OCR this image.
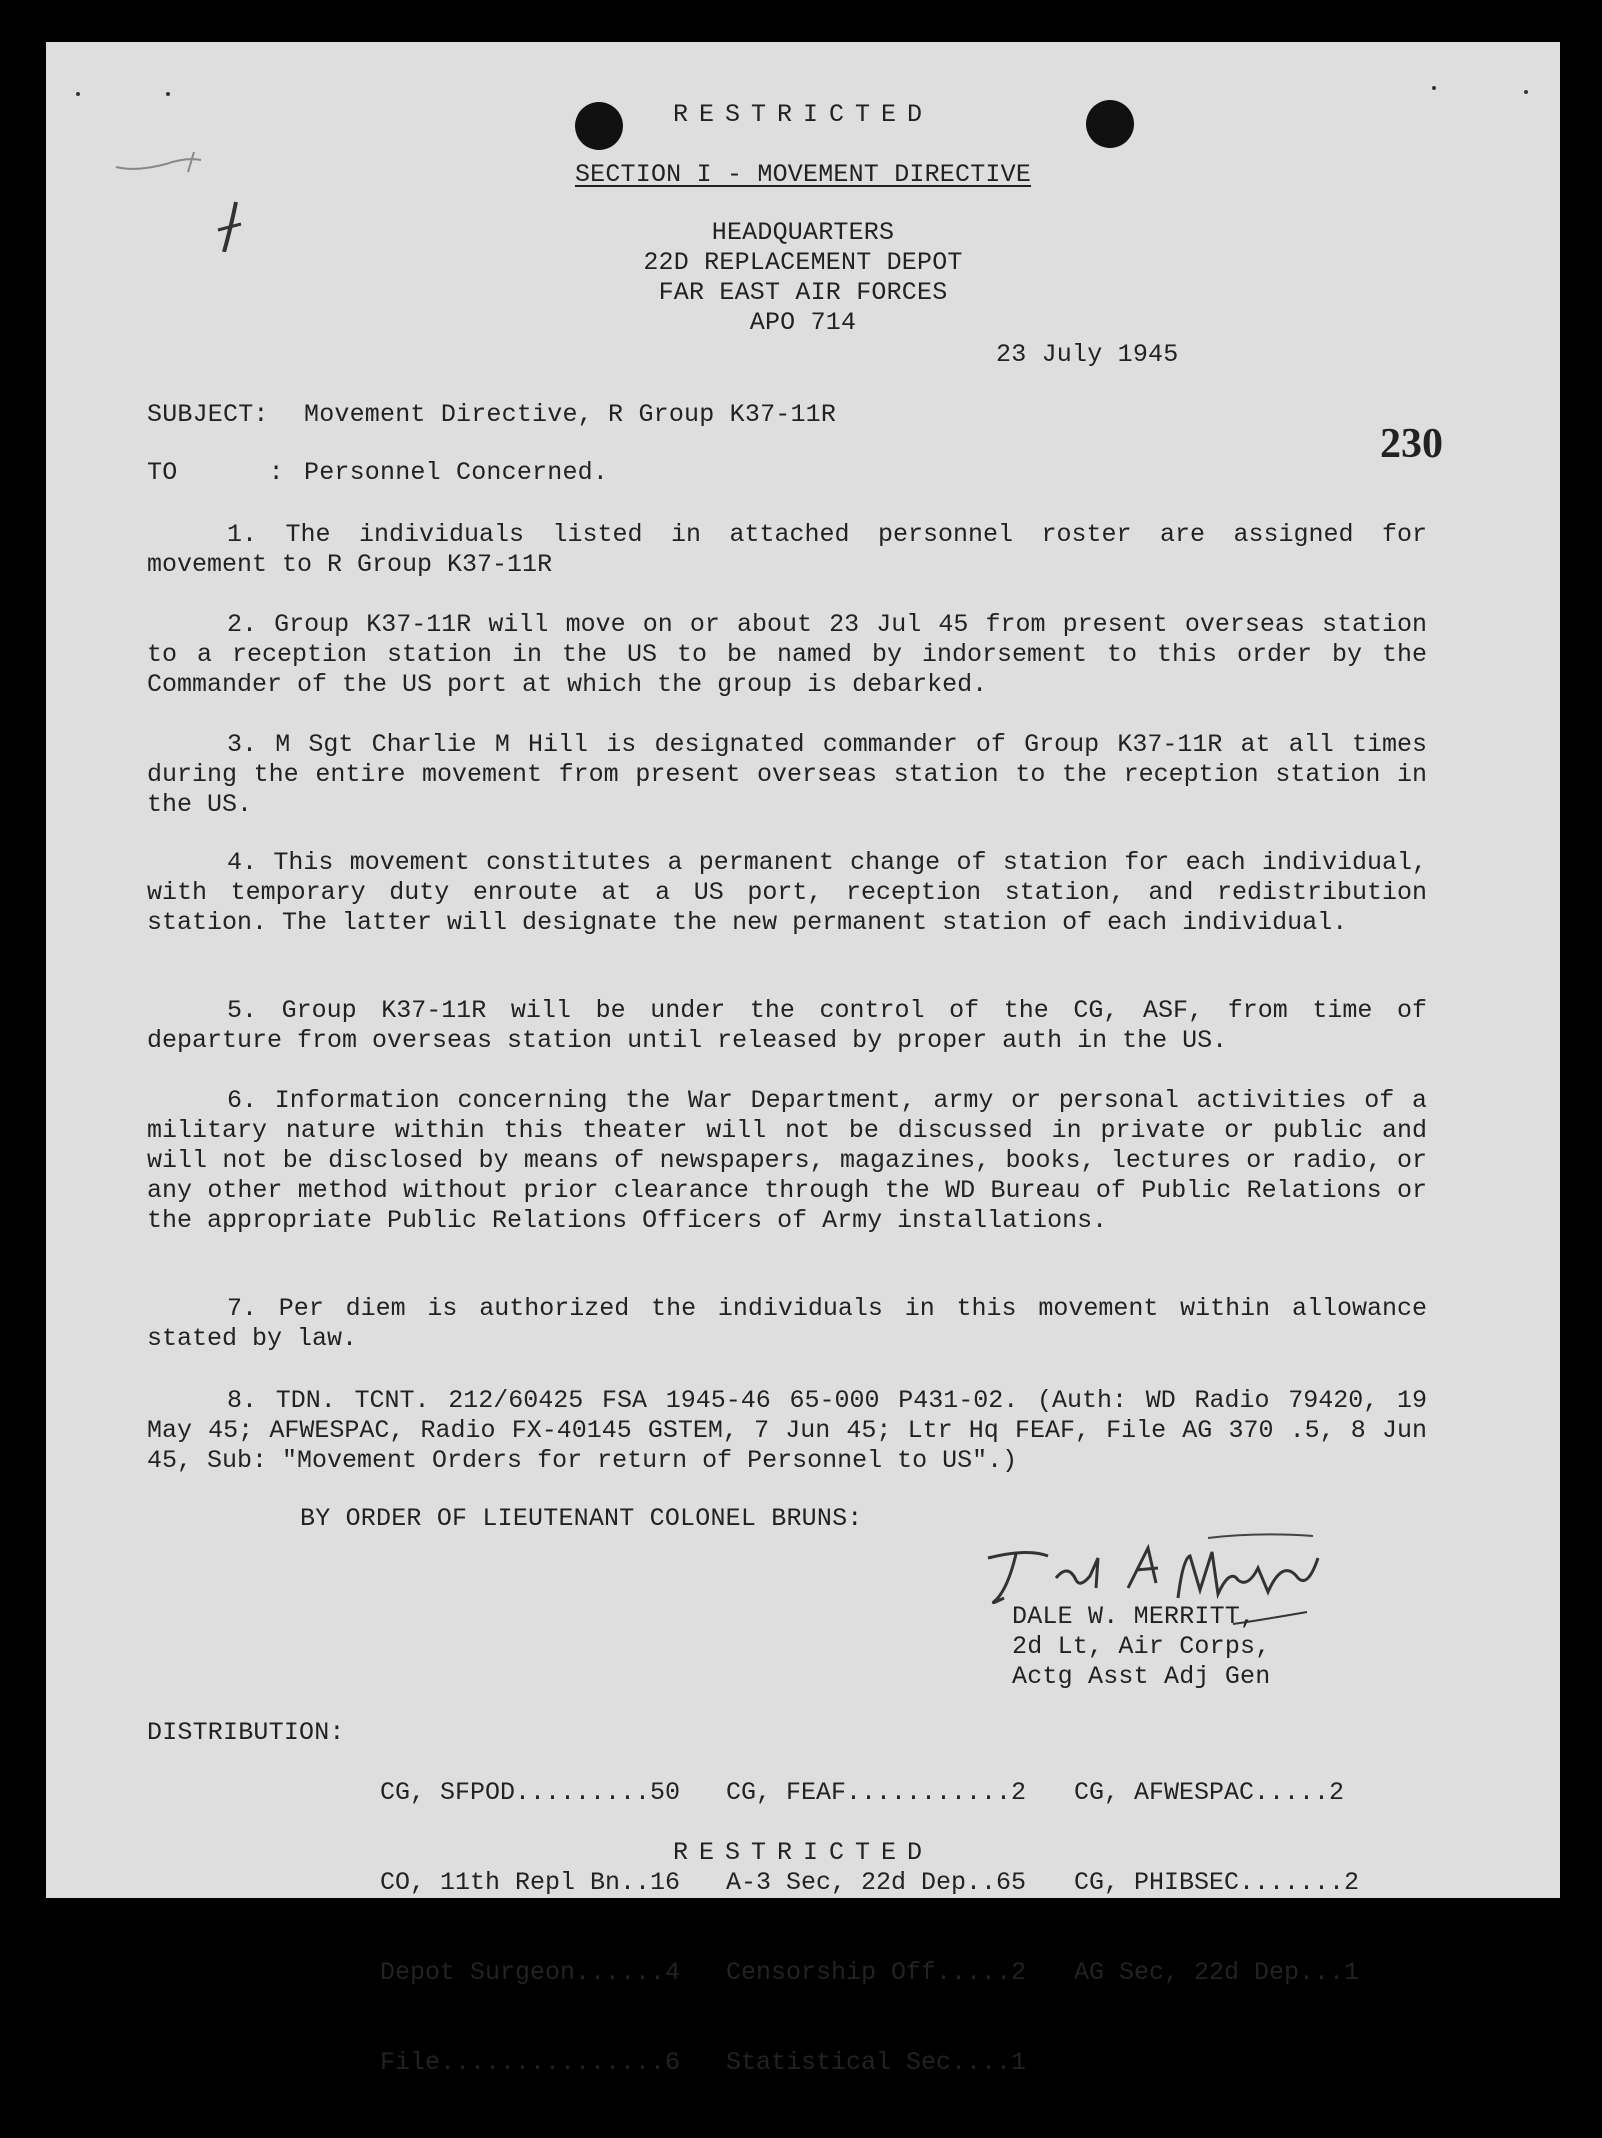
RESTRICTED
SECTION I - MOVEMENT DIRECTIVE
HEADQUARTERS
22D REPLACEMENT DEPOT
FAR EAST AIR FORCES
APO 714
23 July 1945
230
SUBJECT: Movement Directive, R Group K37-11R
TO      : Personnel Concerned.
1. The individuals listed in attached personnel roster are assigned for movement to R Group K37-11R
2. Group K37-11R will move on or about 23 Jul 45 from present overseas station to a reception station in the US to be named by indorsement to this order by the Commander of the US port at which the group is debarked.
3. M Sgt Charlie M Hill is designated commander of Group K37-11R at all times during the entire movement from present overseas station to the reception station in the US.
4. This movement constitutes a permanent change of station for each individual, with temporary duty enroute at a US port, reception station, and redistribution station. The latter will designate the new permanent station of each individual.
5. Group K37-11R will be under the control of the CG, ASF, from time of departure from overseas station until released by proper auth in the US.
6. Information concerning the War Department, army or personal activities of a military nature within this theater will not be discussed in private or public and will not be disclosed by means of newspapers, magazines, books, lectures or radio, or any other method without prior clearance through the WD Bureau of Public Relations or the appropriate Public Relations Officers of Army installations.
7. Per diem is authorized the individuals in this movement within allowance stated by law.
8. TDN. TCNT. 212/60425 FSA 1945-46 65-000 P431-02. (Auth: WD Radio 79420, 19 May 45; AFWESPAC, Radio FX-40145 GSTEM, 7 Jun 45; Ltr Hq FEAF, File AG 370 .5, 8 Jun 45, Sub: "Movement Orders for return of Personnel to US".)
BY ORDER OF LIEUTENANT COLONEL BRUNS:
DALE W. MERRITT,
2d Lt, Air Corps,
Actg Asst Adj Gen
DISTRIBUTION:

CG, SFPOD.........50

CO, 11th Repl Bn..16

Depot Surgeon......4

File...............6

CG, FEAF...........2

A-3 Sec, 22d Dep..65

Censorship Off.....2

Statistical Sec....1

CG, AFWESPAC.....2

CG, PHIBSEC.......2

AG Sec, 22d Dep...1

RESTRICTED
